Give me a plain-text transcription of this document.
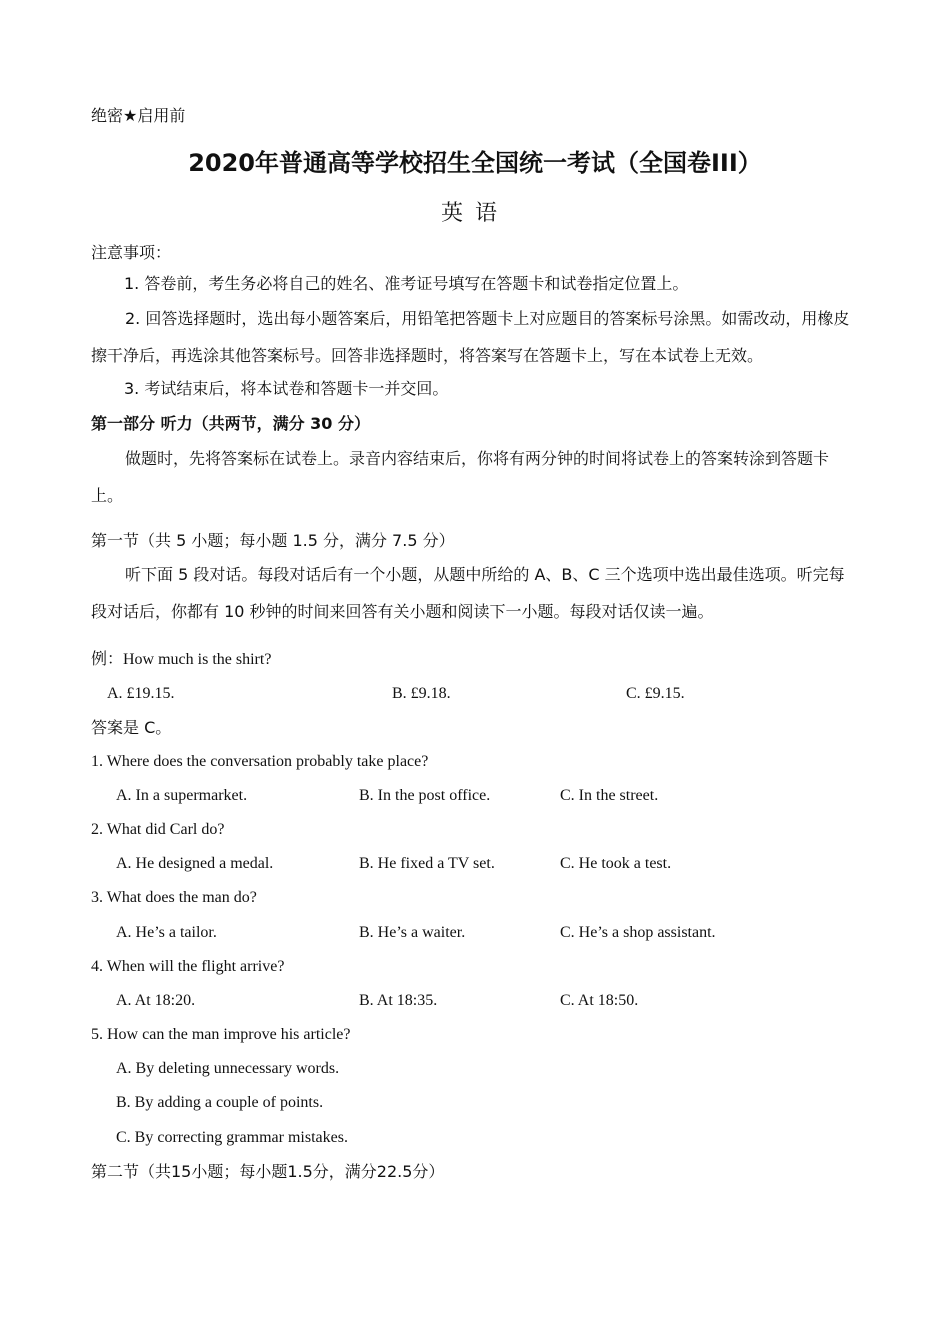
绝密★启用前
2020年普通高等学校招生全国统一考试（全国卷III）
英语
注意事项：
1. 答卷前，考生务必将自己的姓名、准考证号填写在答题卡和试卷指定位置上。
2. 回答选择题时，选出每小题答案后，用铅笔把答题卡上对应题目的答案标号涂黑。如需改动，用橡皮擦干净后，再选涂其他答案标号。回答非选择题时，将答案写在答题卡上，写在本试卷上无效。
3. 考试结束后，将本试卷和答题卡一并交回。
第一部分 听力（共两节，满分 30 分）
做题时，先将答案标在试卷上。录音内容结束后，你将有两分钟的时间将试卷上的答案转涂到答题卡上。
第一节（共 5 小题；每小题 1.5 分，满分 7.5 分）
听下面 5 段对话。每段对话后有一个小题，从题中所给的 A、B、C 三个选项中选出最佳选项。听完每段对话后，你都有 10 秒钟的时间来回答有关小题和阅读下一小题。每段对话仅读一遍。
例：How much is the shirt?
A. £19.15.	B. £9.18.	C. £9.15.
答案是 C。
1. Where does the conversation probably take place?
A. In a supermarket.	B. In the post office.	C. In the street.
2. What did Carl do?
A. He designed a medal.	B. He fixed a TV set.	C. He took a test.
3. What does the man do?
A. He’s a tailor.	B. He’s a waiter.	C. He’s a shop assistant.
4. When will the flight arrive?
A. At 18:20.	B. At 18:35.	C. At 18:50.
5. How can the man improve his article?
A. By deleting unnecessary words.
B. By adding a couple of points.
C. By correcting grammar mistakes.
第二节（共15小题；每小题1.5分，满分22.5分）
